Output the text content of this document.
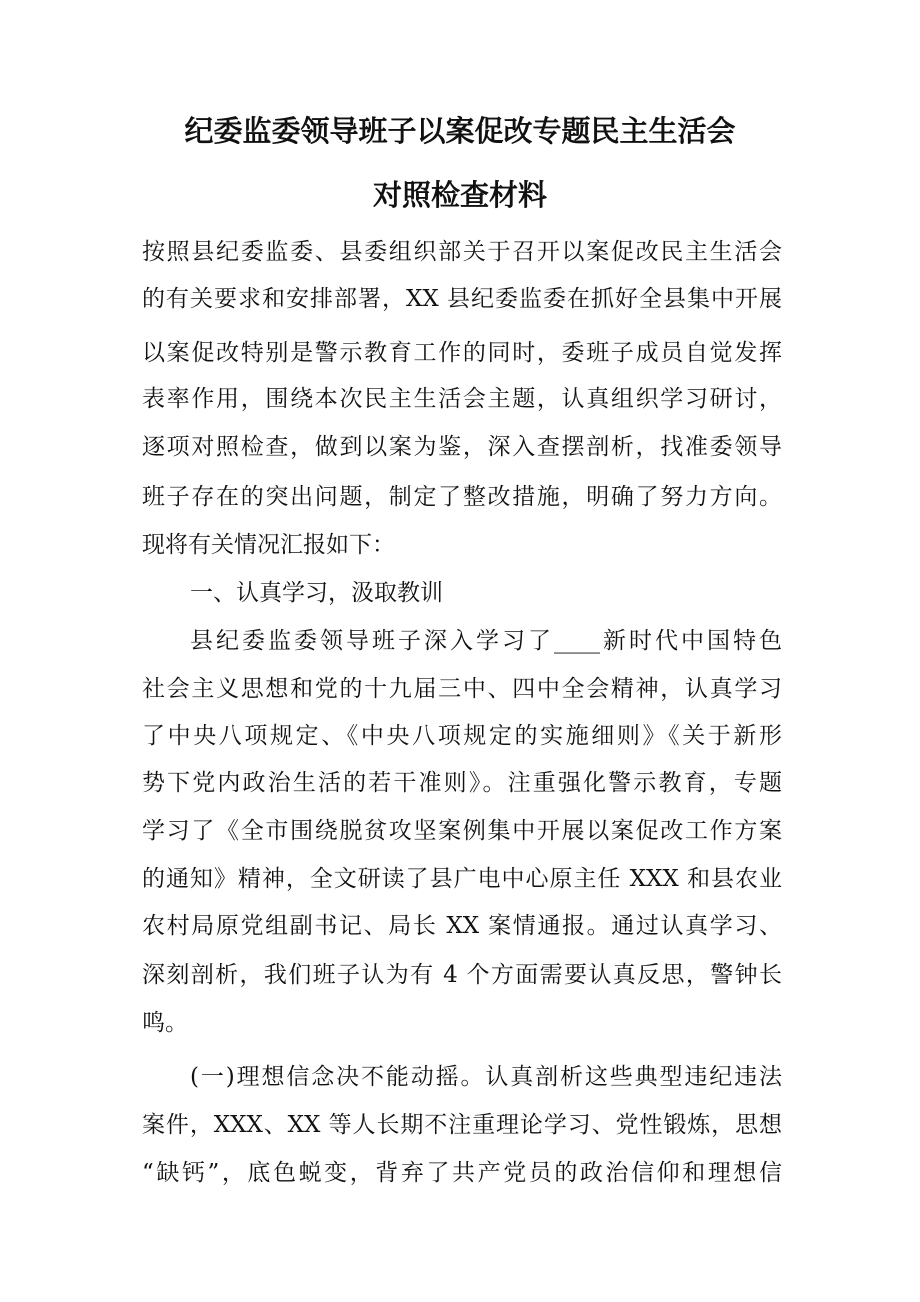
纪委监委领导班子以案促改专题民主生活会
对照检查材料
按照县纪委监委、县委组织部关于召开以案促改民主生活会
的有关要求和安排部署，XX 县纪委监委在抓好全县集中开展
以案促改特别是警示教育工作的同时，委班子成员自觉发挥
表率作用，围绕本次民主生活会主题，认真组织学习研讨，
逐项对照检查，做到以案为鉴，深入查摆剖析，找准委领导
班子存在的突出问题，制定了整改措施，明确了努力方向。
现将有关情况汇报如下：
一、认真学习，汲取教训
县纪委监委领导班子深入学习了____新时代中国特色
社会主义思想和党的十九届三中、四中全会精神，认真学习
了中央八项规定、《中央八项规定的实施细则》《关于新形
势下党内政治生活的若干准则》。注重强化警示教育，专题
学习了《全市围绕脱贫攻坚案例集中开展以案促改工作方案
的通知》精神，全文研读了县广电中心原主任 XXX 和县农业
农村局原党组副书记、局长 XX 案情通报。通过认真学习、
深刻剖析，我们班子认为有 4 个方面需要认真反思，警钟长
鸣。
(一)理想信念决不能动摇。认真剖析这些典型违纪违法
案件，XXX、XX 等人长期不注重理论学习、党性锻炼，思想
“缺钙”，底色蜕变，背弃了共产党员的政治信仰和理想信
